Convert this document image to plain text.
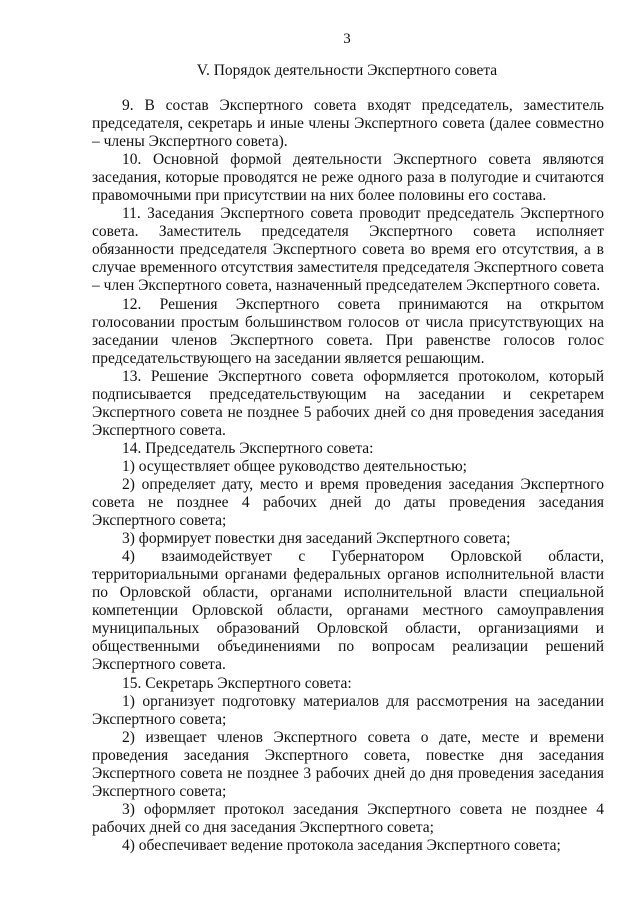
3
V. Порядок деятельности Экспертного совета

9. В состав Экспертного совета входят председатель, заместитель председателя, секретарь и иные члены Экспертного совета (далее совместно – члены Экспертного совета).

10. Основной формой деятельности Экспертного совета являются заседания, которые проводятся не реже одного раза в полугодие и считаются правомочными при присутствии на них более половины его состава.

11. Заседания Экспертного совета проводит председатель Экспертного совета. Заместитель председателя Экспертного совета исполняет обязанности председателя Экспертного совета во время его отсутствия, а в случае временного отсутствия заместителя председателя Экспертного совета – член Экспертного совета, назначенный председателем Экспертного совета.

12. Решения Экспертного совета принимаются на открытом голосовании простым большинством голосов от числа присутствующих на заседании членов Экспертного совета. При равенстве голосов голос председательствующего на заседании является решающим.

13. Решение Экспертного совета оформляется протоколом, который подписывается председательствующим на заседании и секретарем Экспертного совета не позднее 5 рабочих дней со дня проведения заседания Экспертного совета.

14. Председатель Экспертного совета:

1) осуществляет общее руководство деятельностью;

2) определяет дату, место и время проведения заседания Экспертного совета не позднее 4 рабочих дней до даты проведения заседания Экспертного совета;

3) формирует повестки дня заседаний Экспертного совета;

4) взаимодействует с Губернатором Орловской области, территориальными органами федеральных органов исполнительной власти по Орловской области, органами исполнительной власти специальной компетенции Орловской области, органами местного самоуправления муниципальных образований Орловской области, организациями и общественными объединениями по вопросам реализации решений Экспертного совета.

15. Секретарь Экспертного совета:

1) организует подготовку материалов для рассмотрения на заседании Экспертного совета;

2) извещает членов Экспертного совета о дате, месте и времени проведения заседания Экспертного совета, повестке дня заседания Экспертного совета не позднее 3 рабочих дней до дня проведения заседания Экспертного совета;

3) оформляет протокол заседания Экспертного совета не позднее 4 рабочих дней со дня заседания Экспертного совета;

4) обеспечивает ведение протокола заседания Экспертного совета;
